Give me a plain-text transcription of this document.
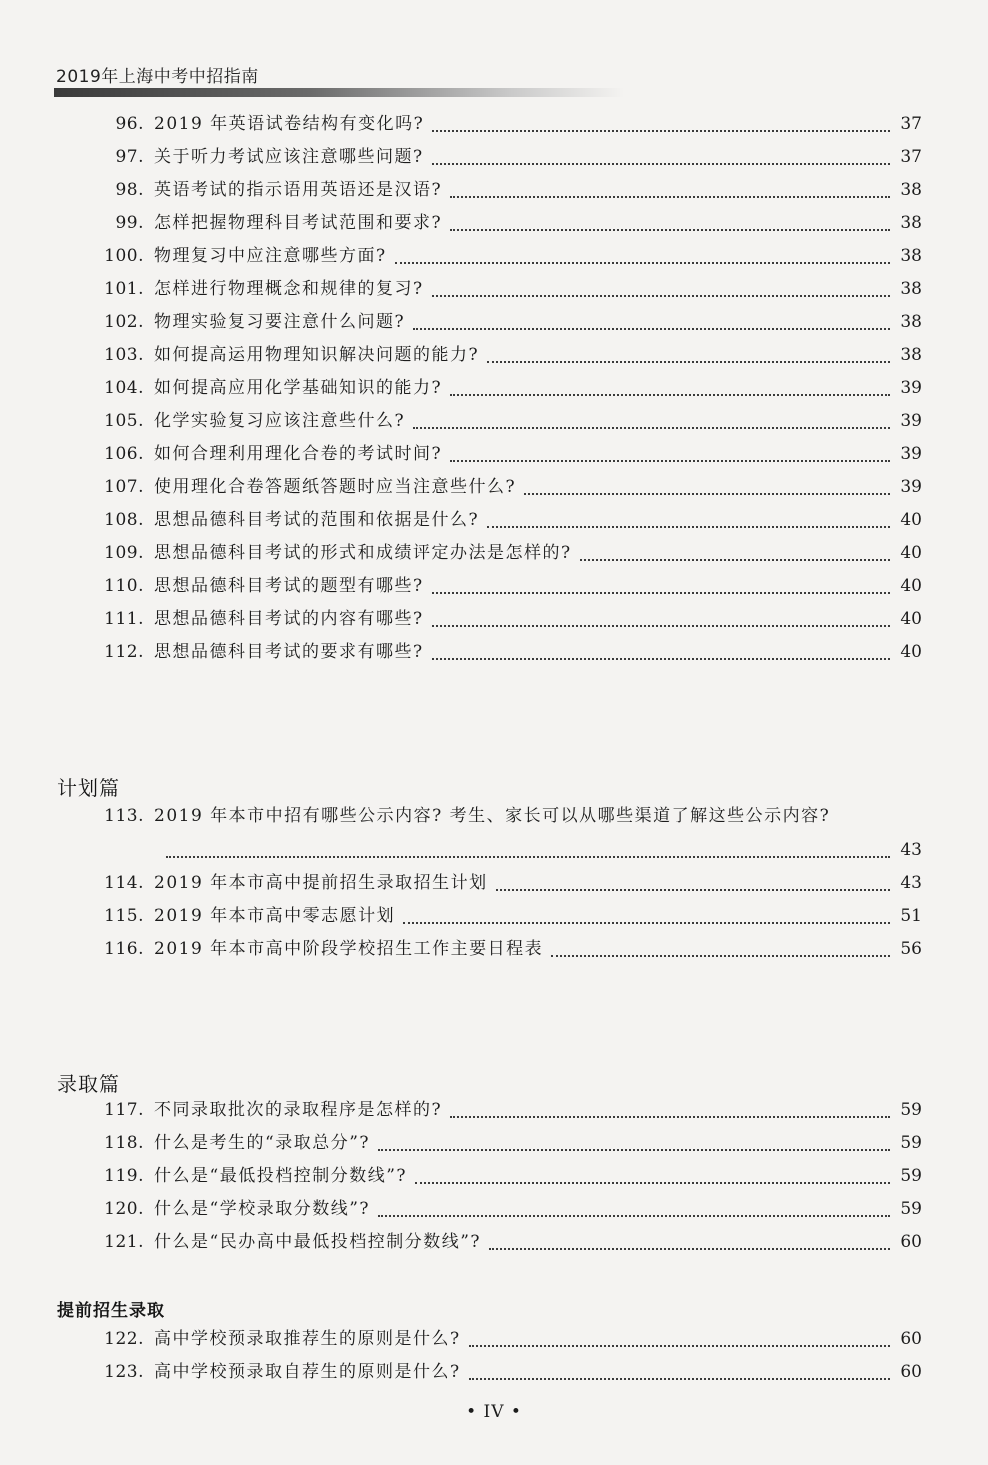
2019年上海中考中招指南
96. 2019 年英语试卷结构有变化吗?	37
97. 关于听力考试应该注意哪些问题?	37
98. 英语考试的指示语用英语还是汉语?	38
99. 怎样把握物理科目考试范围和要求?	38
100. 物理复习中应注意哪些方面?	38
101. 怎样进行物理概念和规律的复习?	38
102. 物理实验复习要注意什么问题?	38
103. 如何提高运用物理知识解决问题的能力?	38
104. 如何提高应用化学基础知识的能力?	39
105. 化学实验复习应该注意些什么?	39
106. 如何合理利用理化合卷的考试时间?	39
107. 使用理化合卷答题纸答题时应当注意些什么?	39
108. 思想品德科目考试的范围和依据是什么?	40
109. 思想品德科目考试的形式和成绩评定办法是怎样的?	40
110. 思想品德科目考试的题型有哪些?	40
111. 思想品德科目考试的内容有哪些?	40
112. 思想品德科目考试的要求有哪些?	40
计划篇
113. 2019 年本市中招有哪些公示内容? 考生、家长可以从哪些渠道了解这些公示内容?
43
114. 2019 年本市高中提前招生录取招生计划	43
115. 2019 年本市高中零志愿计划	51
116. 2019 年本市高中阶段学校招生工作主要日程表	56
录取篇
117. 不同录取批次的录取程序是怎样的?	59
118. 什么是考生的“录取总分”?	59
119. 什么是“最低投档控制分数线”?	59
120. 什么是“学校录取分数线”?	59
121. 什么是“民办高中最低投档控制分数线”?	60
提前招生录取
122. 高中学校预录取推荐生的原则是什么?	60
123. 高中学校预录取自荐生的原则是什么?	60
• IV •
